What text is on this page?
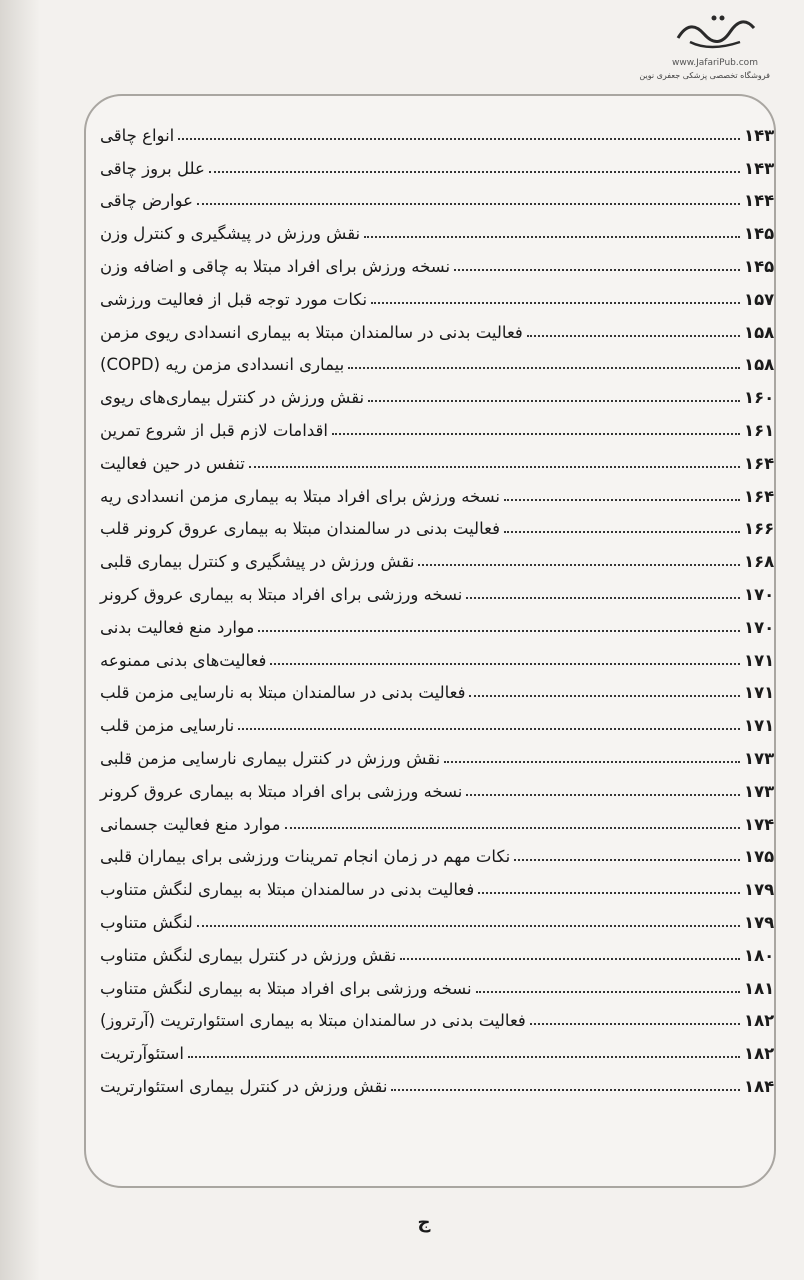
www.JafariPub.com
فروشگاه تخصصی پزشکی جعفری نوین
انواع چاقی	۱۴۳
علل بروز چاقی	۱۴۳
عوارض چاقی	۱۴۴
نقش ورزش در پیشگیری و کنترل وزن	۱۴۵
نسخه ورزش برای افراد مبتلا به چاقی و اضافه وزن	۱۴۵
نکات مورد توجه قبل از فعالیت ورزشی	۱۵۷
فعالیت بدنی در سالمندان مبتلا به بیماری انسدادی ریوی مزمن	۱۵۸
بیماری انسدادی مزمن ریه (COPD)	۱۵۸
نقش ورزش در کنترل بیماری‌های ریوی	۱۶۰
اقدامات لازم قبل از شروع تمرین	۱۶۱
تنفس در حین فعالیت	۱۶۴
نسخه ورزش برای افراد مبتلا به بیماری مزمن انسدادی ریه	۱۶۴
فعالیت بدنی در سالمندان مبتلا به بیماری عروق کرونر قلب	۱۶۶
نقش ورزش در پیشگیری و کنترل بیماری قلبی	۱۶۸
نسخه ورزشی برای افراد مبتلا به بیماری عروق کرونر	۱۷۰
موارد منع فعالیت بدنی	۱۷۰
فعالیت‌های بدنی ممنوعه	۱۷۱
فعالیت بدنی در سالمندان مبتلا به نارسایی مزمن قلب	۱۷۱
نارسایی مزمن قلب	۱۷۱
نقش ورزش در کنترل بیماری نارسایی مزمن قلبی	۱۷۳
نسخه ورزشی برای افراد مبتلا به بیماری عروق کرونر	۱۷۳
موارد منع فعالیت جسمانی	۱۷۴
نکات مهم در زمان انجام تمرینات ورزشی برای بیماران قلبی	۱۷۵
فعالیت بدنی در سالمندان مبتلا به بیماری لنگش متناوب	۱۷۹
لنگش متناوب	۱۷۹
نقش ورزش در کنترل بیماری لنگش متناوب	۱۸۰
نسخه ورزشی برای افراد مبتلا به بیماری لنگش متناوب	۱۸۱
فعالیت بدنی در سالمندان مبتلا به بیماری استئوارتریت (آرتروز)	۱۸۲
استئوآرتریت	۱۸۲
نقش ورزش در کنترل بیماری استئوارتریت	۱۸۴
ج
